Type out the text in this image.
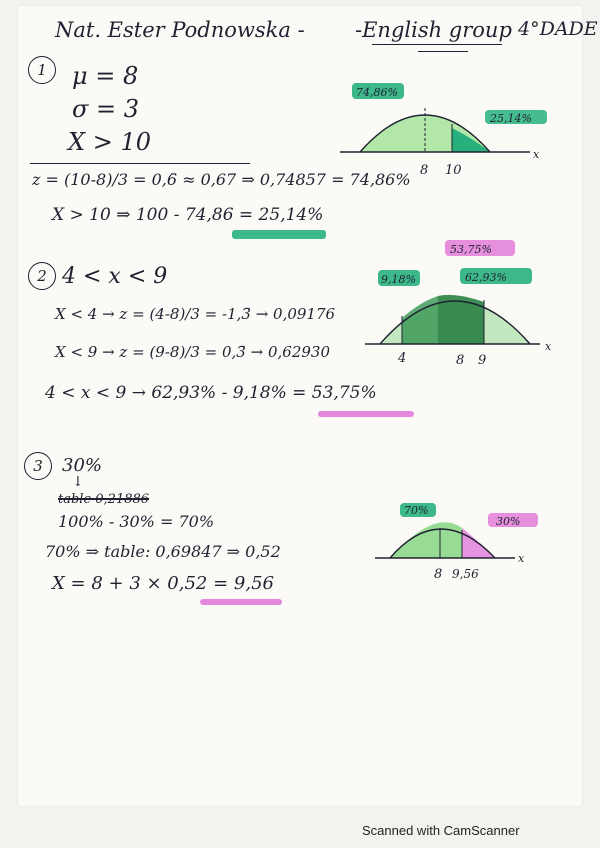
Nat. Ester Podnowska - -English group 4°DADE
1	μ = 8
σ = 3
X > 10
z = (10-8)/3 = 0,6̄ ≈ 0,67 ⇒ 0,74857 = 74,86%
X > 10 ⇒ 100 - 74,86 = 25,14%
74,86%
25,14%
8 10
x
2 4 < x < 9
X < 4 → z = (4-8)/3 = -1,3̄ → 0,09176
X < 9 → z = (9-8)/3 = 0,3̄ → 0,62930
4 < x < 9 → 62,93% - 9,18% = 53,75%
53,75%
9,18%	62,93%
4	8 9
x
3	30%
↓
table 0,21886
100% - 30% = 70%
70% ⇒ table: 0,69847 ⇒ 0,52
X = 8 + 3 × 0,52 = 9,56
70%
30%
8 9,56
x
Scanned with CamScanner
